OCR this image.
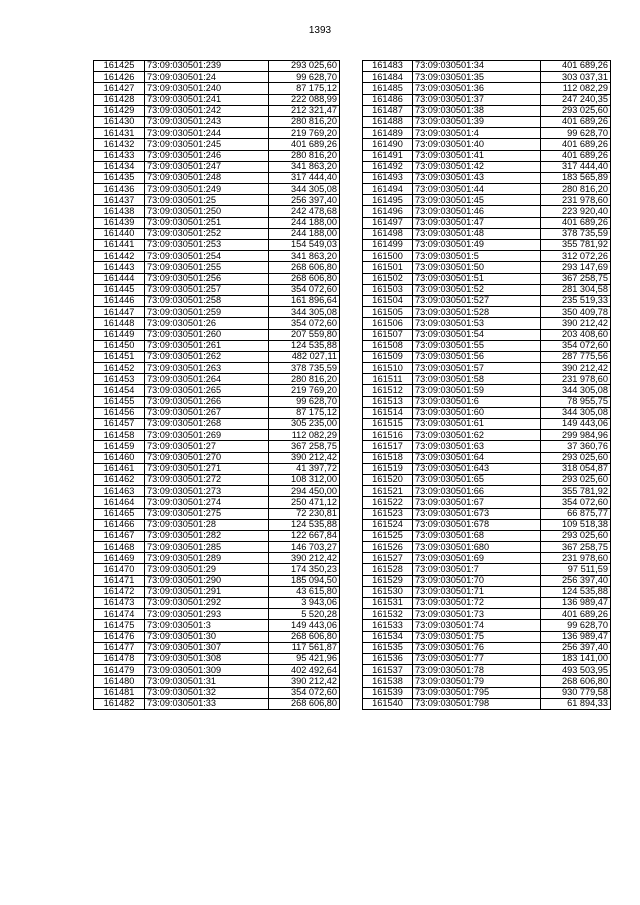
1393
161425	73:09:030501:239	293 025,60
161426	73:09:030501:24	99 628,70
161427	73:09:030501:240	87 175,12
161428	73:09:030501:241	222 088,99
161429	73:09:030501:242	212 321,47
161430	73:09:030501:243	280 816,20
161431	73:09:030501:244	219 769,20
161432	73:09:030501:245	401 689,26
161433	73:09:030501:246	280 816,20
161434	73:09:030501:247	341 863,20
161435	73:09:030501:248	317 444,40
161436	73:09:030501:249	344 305,08
161437	73:09:030501:25	256 397,40
161438	73:09:030501:250	242 478,68
161439	73:09:030501:251	244 188,00
161440	73:09:030501:252	244 188,00
161441	73:09:030501:253	154 549,03
161442	73:09:030501:254	341 863,20
161443	73:09:030501:255	268 606,80
161444	73:09:030501:256	268 606,80
161445	73:09:030501:257	354 072,60
161446	73:09:030501:258	161 896,64
161447	73:09:030501:259	344 305,08
161448	73:09:030501:26	354 072,60
161449	73:09:030501:260	207 559,80
161450	73:09:030501:261	124 535,88
161451	73:09:030501:262	482 027,11
161452	73:09:030501:263	378 735,59
161453	73:09:030501:264	280 816,20
161454	73:09:030501:265	219 769,20
161455	73:09:030501:266	99 628,70
161456	73:09:030501:267	87 175,12
161457	73:09:030501:268	305 235,00
161458	73:09:030501:269	112 082,29
161459	73:09:030501:27	367 258,75
161460	73:09:030501:270	390 212,42
161461	73:09:030501:271	41 397,72
161462	73:09:030501:272	108 312,00
161463	73:09:030501:273	294 450,00
161464	73:09:030501:274	250 471,12
161465	73:09:030501:275	72 230,81
161466	73:09:030501:28	124 535,88
161467	73:09:030501:282	122 667,84
161468	73:09:030501:285	146 703,27
161469	73:09:030501:289	390 212,42
161470	73:09:030501:29	174 350,23
161471	73:09:030501:290	185 094,50
161472	73:09:030501:291	43 615,80
161473	73:09:030501:292	3 943,06
161474	73:09:030501:293	5 520,28
161475	73:09:030501:3	149 443,06
161476	73:09:030501:30	268 606,80
161477	73:09:030501:307	117 561,87
161478	73:09:030501:308	95 421,96
161479	73:09:030501:309	402 492,64
161480	73:09:030501:31	390 212,42
161481	73:09:030501:32	354 072,60
161482	73:09:030501:33	268 606,80
161483	73:09:030501:34	401 689,26
161484	73:09:030501:35	303 037,31
161485	73:09:030501:36	112 082,29
161486	73:09:030501:37	247 240,35
161487	73:09:030501:38	293 025,60
161488	73:09:030501:39	401 689,26
161489	73:09:030501:4	99 628,70
161490	73:09:030501:40	401 689,26
161491	73:09:030501:41	401 689,26
161492	73:09:030501:42	317 444,40
161493	73:09:030501:43	183 565,89
161494	73:09:030501:44	280 816,20
161495	73:09:030501:45	231 978,60
161496	73:09:030501:46	223 920,40
161497	73:09:030501:47	401 689,26
161498	73:09:030501:48	378 735,59
161499	73:09:030501:49	355 781,92
161500	73:09:030501:5	312 072,26
161501	73:09:030501:50	293 147,69
161502	73:09:030501:51	367 258,75
161503	73:09:030501:52	281 304,58
161504	73:09:030501:527	235 519,33
161505	73:09:030501:528	350 409,78
161506	73:09:030501:53	390 212,42
161507	73:09:030501:54	203 408,60
161508	73:09:030501:55	354 072,60
161509	73:09:030501:56	287 775,56
161510	73:09:030501:57	390 212,42
161511	73:09:030501:58	231 978,60
161512	73:09:030501:59	344 305,08
161513	73:09:030501:6	78 955,75
161514	73:09:030501:60	344 305,08
161515	73:09:030501:61	149 443,06
161516	73:09:030501:62	299 984,96
161517	73:09:030501:63	37 360,76
161518	73:09:030501:64	293 025,60
161519	73:09:030501:643	318 054,87
161520	73:09:030501:65	293 025,60
161521	73:09:030501:66	355 781,92
161522	73:09:030501:67	354 072,60
161523	73:09:030501:673	66 875,77
161524	73:09:030501:678	109 518,38
161525	73:09:030501:68	293 025,60
161526	73:09:030501:680	367 258,75
161527	73:09:030501:69	231 978,60
161528	73:09:030501:7	97 511,59
161529	73:09:030501:70	256 397,40
161530	73:09:030501:71	124 535,88
161531	73:09:030501:72	136 989,47
161532	73:09:030501:73	401 689,26
161533	73:09:030501:74	99 628,70
161534	73:09:030501:75	136 989,47
161535	73:09:030501:76	256 397,40
161536	73:09:030501:77	183 141,00
161537	73:09:030501:78	493 503,95
161538	73:09:030501:79	268 606,80
161539	73:09:030501:795	930 779,58
161540	73:09:030501:798	61 894,33
